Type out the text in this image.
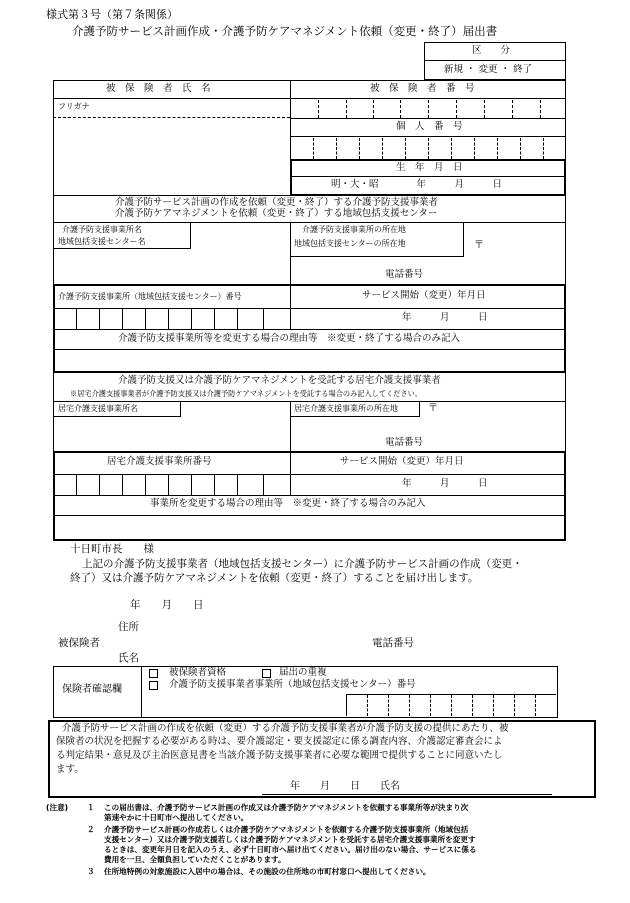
様式第３号（第７条関係）
介護予防サービス計画作成・介護予防ケアマネジメント依頼（変更・終了）届出書
区　　分
新規 ・ 変更 ・ 終了
被　保　険　者　氏　名	被　保　険　者　番　号
フリガナ
個　人　番　号
生　年　月　日
明・大・昭　　　　年　　　月　　　日
介護予防サービス計画の作成を依頼（変更・終了）する介護予防支援事業者
介護予防ケアマネジメントを依頼（変更・終了）する地域包括支援センター
介護予防支援事業所名
地域包括支援センター名
介護予防支援事業所の所在地
地域包括支援センターの所在地	〒
電話番号
介護予防支援事業所（地域包括支援センター）番号	サービス開始（変更）年月日
年　　　月　　　日
介護予防支援事業所等を変更する場合の理由等　※変更・終了する場合のみ記入
介護予防支援又は介護予防ケアマネジメントを受託する居宅介護支援事業者
※居宅介護支援事業者が介護予防支援又は介護予防ケアマネジメントを受託する場合のみ記入してください。
居宅介護支援事業所名	居宅介護支援事業所の所在地	〒
電話番号
居宅介護支援事業所番号	サービス開始（変更）年月日
年　　　月　　　日
事業所を変更する場合の理由等　※変更・終了する場合のみ記入
十日町市長　　様
上記の介護予防支援事業者（地域包括支援センター）に介護予防サービス計画の作成（変更・
終了）又は介護予防ケアマネジメントを依頼（変更・終了）することを届け出します。
年　　月　　日
住所
被保険者	電話番号
氏名
保険者確認欄
被保険者資格	届出の重複
介護予防支援事業者事業所（地域包括支援センター）番号
介護予防サービス計画の作成を依頼（変更）する介護予防支援事業者が介護予防支援の提供にあたり、被
保険者の状況を把握する必要がある時は、要介護認定・要支援認定に係る調査内容、介護認定審査会によ
る判定結果・意見及び主治医意見書を当該介護予防支援事業者に必要な範囲で提供することに同意いたし
ます。
年　　月　　日　　氏名
(注意) １ この届出書は、介護予防サービス計画の作成又は介護予防ケアマネジメントを依頼する事業所等が決まり次
第速やかに十日町市へ提出してください。
２ 介護予防サービス計画の作成若しくは介護予防ケアマネジメントを依頼する介護予防支援事業所（地域包括
支援センター）又は介護予防支援若しくは介護予防ケアマネジメントを受託する居宅介護支援事業所を変更す
るときは、変更年月日を記入のうえ、必ず十日町市へ届け出てください。届け出のない場合、サービスに係る
費用を一旦、全額負担していただくことがあります。
３ 住所地特例の対象施設に入居中の場合は、その施設の住所地の市町村窓口へ提出してください。
